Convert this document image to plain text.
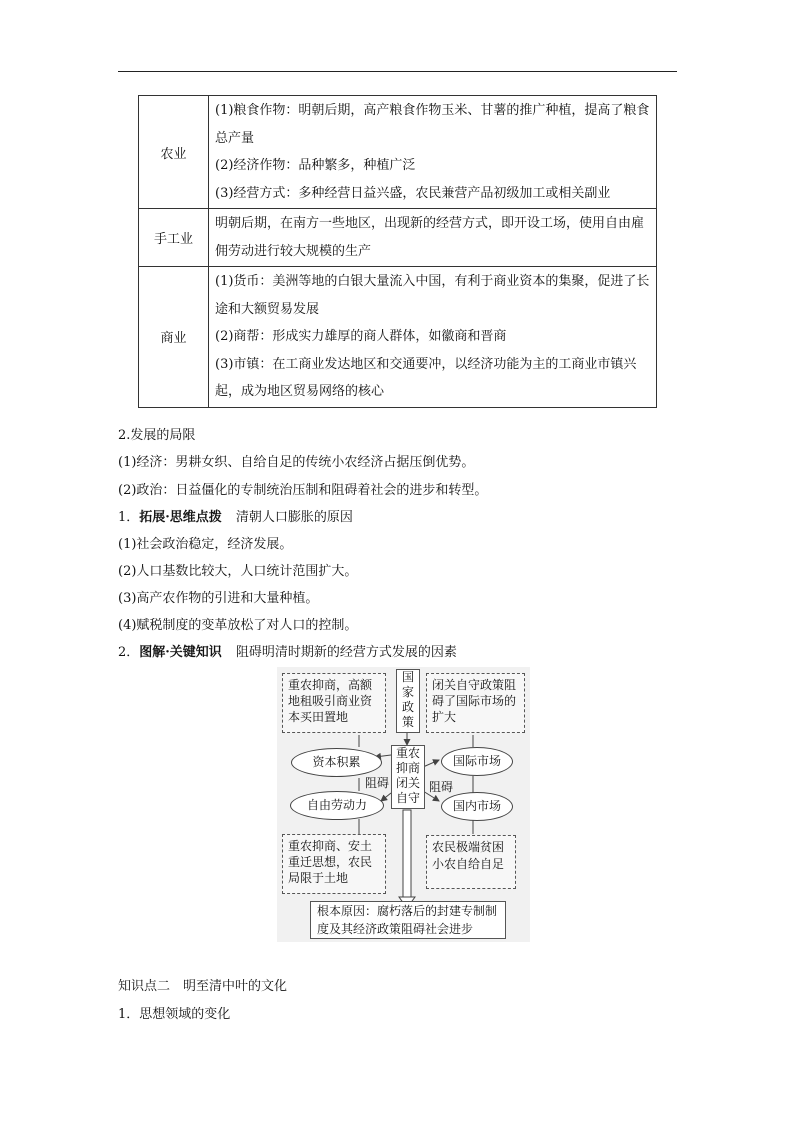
农业	(1)粮食作物：明朝后期，高产粮食作物玉米、甘薯的推广种植，提高了粮食总产量
(2)经济作物：品种繁多，种植广泛
(3)经营方式：多种经营日益兴盛，农民兼营产品初级加工或相关副业

手工业	明朝后期，在南方一些地区，出现新的经营方式，即开设工场，使用自由雇佣劳动进行较大规模的生产

商业	(1)货币：美洲等地的白银大量流入中国，有利于商业资本的集聚，促进了长途和大额贸易发展
(2)商帮：形成实力雄厚的商人群体，如徽商和晋商
(3)市镇：在工商业发达地区和交通要冲，以经济功能为主的工商业市镇兴起，成为地区贸易网络的核心
2.发展的局限
(1)经济：男耕女织、自给自足的传统小农经济占据压倒优势。
(2)政治：日益僵化的专制统治压制和阻碍着社会的进步和转型。
1．拓展·思维点拨 清朝人口膨胀的原因
(1)社会政治稳定，经济发展。
(2)人口基数比较大，人口统计范围扩大。
(3)高产农作物的引进和大量种植。
(4)赋税制度的变革放松了对人口的控制。
2．图解·关键知识 阻碍明清时期新的经营方式发展的因素
重农抑商，高额地租吸引商业资本买田置地
国家政策
闭关自守政策阻碍了国际市场的扩大
资本积累
重农抑商闭关自守
国际市场
阻碍	阻碍
自由劳动力	国内市场
重农抑商、安土重迁思想，农民局限于土地
农民极端贫困小农自给自足
根本原因：腐朽落后的封建专制制度及其经济政策阻碍社会进步
知识点二　明至清中叶的文化
1．思想领域的变化
